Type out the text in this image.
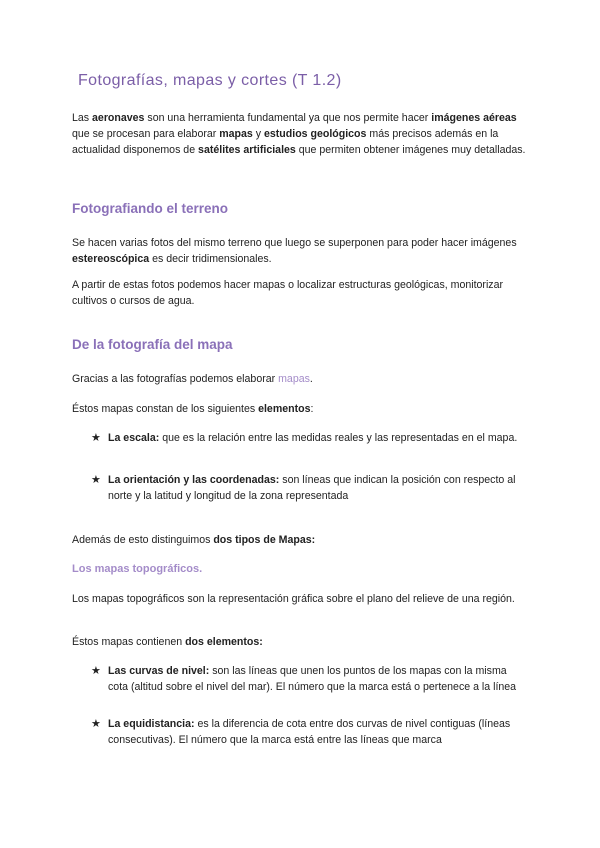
Fotografías, mapas y cortes (T 1.2)

Las aeronaves son una herramienta fundamental ya que nos permite hacer imágenes aéreas que se procesan para elaborar mapas y estudios geológicos más precisos además en la actualidad disponemos de satélites artificiales que permiten obtener imágenes muy detalladas.

Fotografiando el terreno

Se hacen varias fotos del mismo terreno que luego se superponen para poder hacer imágenes estereoscópica es decir tridimensionales.

A partir de estas fotos podemos hacer mapas o localizar estructuras geológicas, monitorizar cultivos o cursos de agua.

De la fotografía del mapa

Gracias a las fotografías podemos elaborar mapas.

Éstos mapas constan de los siguientes elementos:

★ La escala: que es la relación entre las medidas reales y las representadas en el mapa.

★ La orientación y las coordenadas: son líneas que indican la posición con respecto al norte y la latitud y longitud de la zona representada

Además de esto distinguimos dos tipos de Mapas:

Los mapas topográficos.

Los mapas topográficos son la representación gráfica sobre el plano del relieve de una región.

Éstos mapas contienen dos elementos:

★ Las curvas de nivel: son las líneas que unen los puntos de los mapas con la misma cota (altitud sobre el nivel del mar). El número que la marca está o pertenece a la línea

★ La equidistancia: es la diferencia de cota entre dos curvas de nivel contiguas (líneas consecutivas). El número que la marca está entre las líneas que marca
